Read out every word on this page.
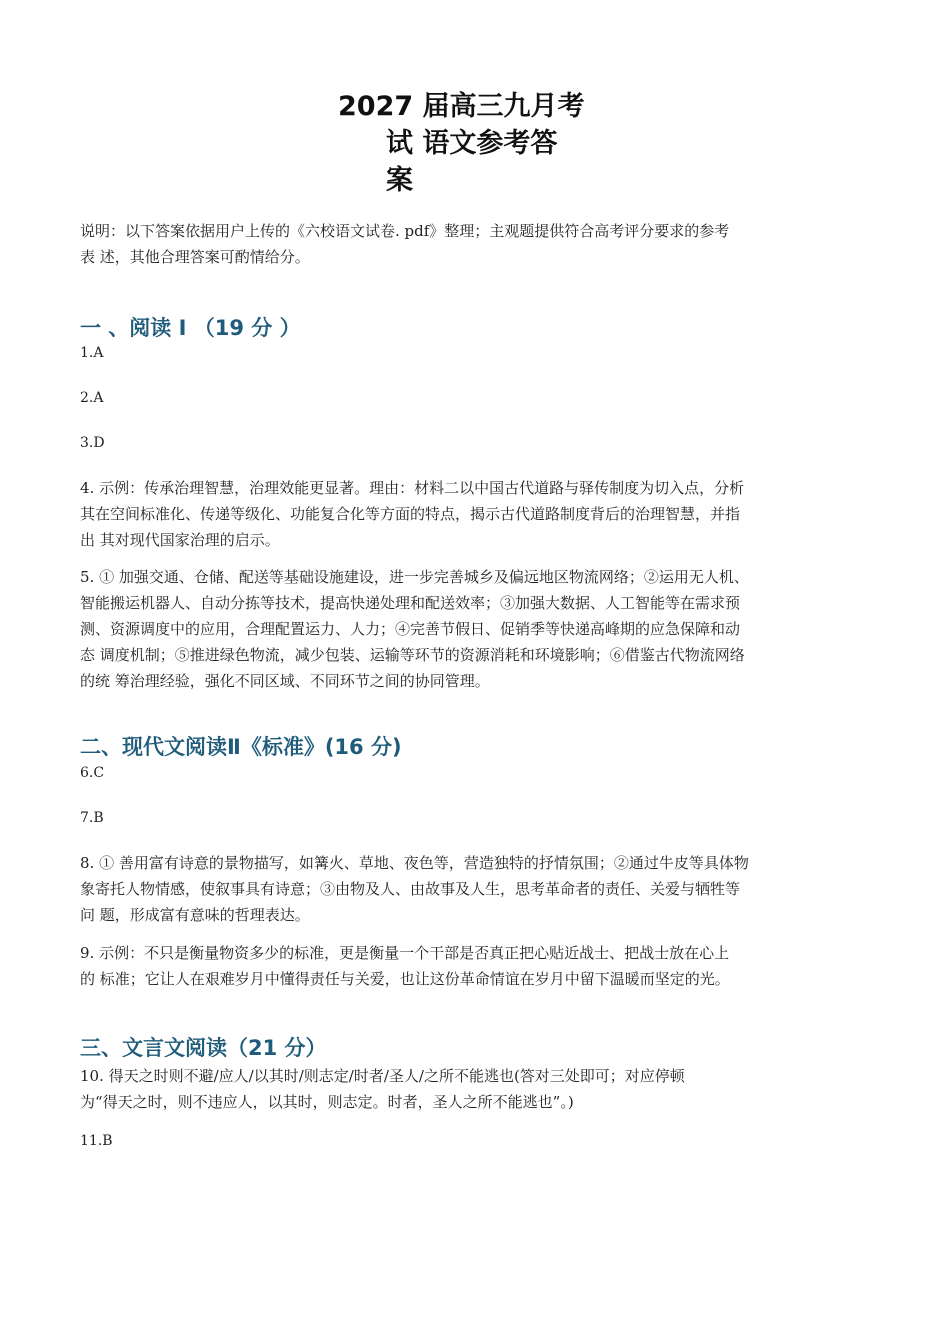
2027 届高三九月考
试 语文参考答
案

说明：以下答案依据用户上传的《六校语文试卷. pdf》整理；主观题提供符合高考评分要求的参考

表 述，其他合理答案可酌情给分。

一 、阅读 I （19 分 ）

1.A

2.A

3.D

4. 示例：传承治理智慧，治理效能更显著。理由：材料二以中国古代道路与驿传制度为切入点，分析

其在空间标准化、传递等级化、功能复合化等方面的特点，揭示古代道路制度背后的治理智慧，并指

出 其对现代国家治理的启示。

5. ① 加强交通、仓储、配送等基础设施建设，进一步完善城乡及偏远地区物流网络；②运用无人机、

智能搬运机器人、自动分拣等技术，提高快递处理和配送效率；③加强大数据、人工智能等在需求预

测、资源调度中的应用，合理配置运力、人力；④完善节假日、促销季等快递高峰期的应急保障和动

态 调度机制；⑤推进绿色物流，减少包装、运输等环节的资源消耗和环境影响；⑥借鉴古代物流网络

的统 筹治理经验，强化不同区域、不同环节之间的协同管理。

二、现代文阅读Ⅱ《标准》(16 分)

6.C

7.B

8. ① 善用富有诗意的景物描写，如篝火、草地、夜色等，营造独特的抒情氛围；②通过牛皮等具体物

象寄托人物情感，使叙事具有诗意；③由物及人、由故事及人生，思考革命者的责任、关爱与牺牲等

问 题，形成富有意味的哲理表达。

9. 示例：不只是衡量物资多少的标准，更是衡量一个干部是否真正把心贴近战士、把战士放在心上

的 标准；它让人在艰难岁月中懂得责任与关爱，也让这份革命情谊在岁月中留下温暖而坚定的光。

三、文言文阅读（21 分）

10. 得天之时则不避/应人/以其时/则志定/时者/圣人/之所不能逃也(答对三处即可；对应停顿

为“得天之时，则不违应人，以其时，则志定。时者，圣人之所不能逃也”。)

11.B
